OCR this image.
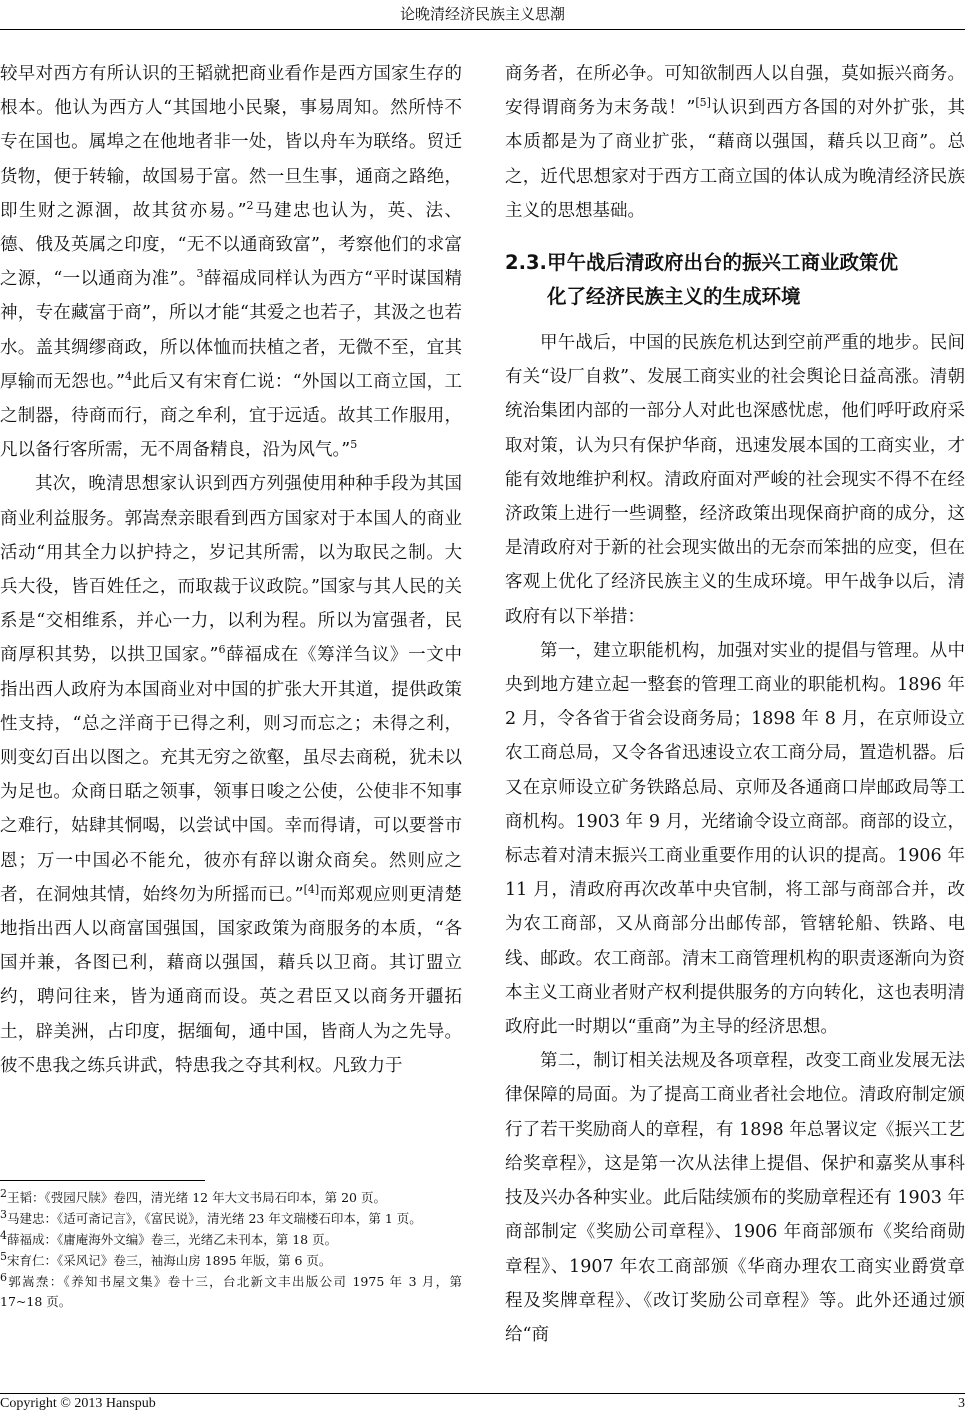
论晚清经济民族主义思潮

较早对西方有所认识的王韬就把商业看作是西方国家生存的根本。他认为西方人“其国地小民聚，事易周知。然所恃不专在国也。属埠之在他地者非一处，皆以舟车为联络。贸迁货物，便于转输，故国易于富。然一旦生事，通商之路绝，即生财之源涸，故其贫亦易。”$^2$马建忠也认为，英、法、德、俄及英属之印度，“无不以通商致富”，考察他们的求富之源，“一以通商为准”。$^3$薛福成同样认为西方“平时谋国精神，专在藏富于商”，所以才能“其爱之也若子，其汲之也若水。盖其绸缪商政，所以体恤而扶植之者，无微不至，宜其厚输而无怨也。”$^4$此后又有宋育仁说：“外国以工商立国，工之制器，待商而行，商之牟利，宜于远适。故其工作服用，凡以备行客所需，无不周备精良，沿为风气。”$^5$

其次，晚清思想家认识到西方列强使用种种手段为其国商业利益服务。郭嵩焘亲眼看到西方国家对于本国人的商业活动“用其全力以护持之，岁记其所需，以为取民之制。大兵大役，皆百姓任之，而取裁于议政院。”国家与其人民的关系是“交相维系，并心一力，以利为程。所以为富强者，民商厚积其势，以拱卫国家。”$^6$薛福成在《筹洋刍议》一文中指出西人政府为本国商业对中国的扩张大开其道，提供政策性支持，“总之洋商于已得之利，则习而忘之；未得之利，则变幻百出以图之。充其无穷之欲壑，虽尽去商税，犹未以为足也。众商日聒之领事，领事日唆之公使，公使非不知事之难行，姑肆其恫喝，以尝试中国。幸而得请，可以要誉市恩；万一中国必不能允，彼亦有辞以谢众商矣。然则应之者，在洞烛其情，始终勿为所摇而已。”[4]而郑观应则更清楚地指出西人以商富国强国，国家政策为商服务的本质，“各国并兼，各图已利，藉商以强国，藉兵以卫商。其订盟立约，聘问往来，皆为通商而设。英之君臣又以商务开疆拓土，辟美洲，占印度，据缅甸，通中国，皆商人为之先导。彼不患我之练兵讲武，特患我之夺其利权。凡致力于

$^2$王韬：《弢园尺牍》卷四，清光绪 12 年大文书局石印本，第 20 页。

$^3$马建忠：《适可斋记言》，《富民说》，清光绪 23 年文瑞楼石印本，第 1 页。

$^4$薛福成：《庸庵海外文编》卷三，光绪乙未刊本，第 18 页。

$^5$宋育仁：《采风记》卷三，袖海山房 1895 年版，第 6 页。

$^6$郭嵩焘：《养知书屋文集》卷十三，台北新文丰出版公司 1975 年 3 月，第 17~18 页。

商务者，在所必争。可知欲制西人以自强，莫如振兴商务。安得谓商务为末务哉！”[5]认识到西方各国的对外扩张，其本质都是为了商业扩张，“藉商以强国，藉兵以卫商”。总之，近代思想家对于西方工商立国的体认成为晚清经济民族主义的思想基础。

2.3.甲午战后清政府出台的振兴工商业政策优
化了经济民族主义的生成环境

甲午战后，中国的民族危机达到空前严重的地步。民间有关“设厂自救”、发展工商实业的社会舆论日益高涨。清朝统治集团内部的一部分人对此也深感忧虑，他们呼吁政府采取对策，认为只有保护华商，迅速发展本国的工商实业，才能有效地维护利权。清政府面对严峻的社会现实不得不在经济政策上进行一些调整，经济政策出现保商护商的成分，这是清政府对于新的社会现实做出的无奈而笨拙的应变，但在客观上优化了经济民族主义的生成环境。甲午战争以后，清政府有以下举措：

第一，建立职能机构，加强对实业的提倡与管理。从中央到地方建立起一整套的管理工商业的职能机构。1896 年 2 月，令各省于省会设商务局；1898 年 8 月，在京师设立农工商总局，又令各省迅速设立农工商分局，置造机器。后又在京师设立矿务铁路总局、京师及各通商口岸邮政局等工商机构。1903 年 9 月，光绪谕令设立商部。商部的设立，标志着对清末振兴工商业重要作用的认识的提高。1906 年 11 月，清政府再次改革中央官制，将工部与商部合并，改为农工商部，又从商部分出邮传部，管辖轮船、铁路、电线、邮政。农工商部。清末工商管理机构的职责逐渐向为资本主义工商业者财产权利提供服务的方向转化，这也表明清政府此一时期以“重商”为主导的经济思想。

第二，制订相关法规及各项章程，改变工商业发展无法律保障的局面。为了提高工商业者社会地位。清政府制定颁行了若干奖励商人的章程，有 1898 年总署议定《振兴工艺给奖章程》，这是第一次从法律上提倡、保护和嘉奖从事科技及兴办各种实业。此后陆续颁布的奖励章程还有 1903 年商部制定《奖励公司章程》、1906 年商部颁布《奖给商勋章程》、1907 年农工商部颁《华商办理农工商实业爵赏章程及奖牌章程》、《改订奖励公司章程》等。此外还通过颁给“商

Copyright © 2013 Hanspub	3
